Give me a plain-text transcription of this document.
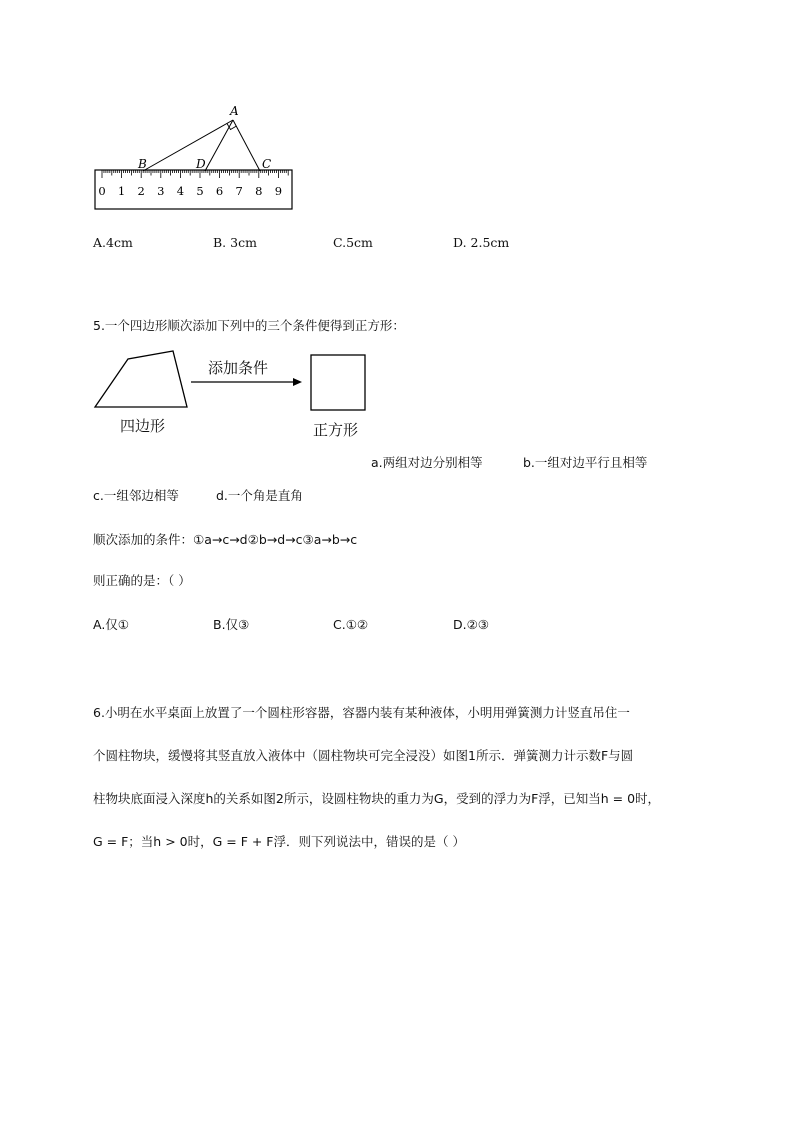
0 1 2 3 4 5 6 7 8 9
A
B	D	C
A.4cm	B. 3cm	C.5cm	D. 2.5cm
5.一个四边形顺次添加下列中的三个条件便得到正方形：
添加条件
四边形	正方形
a.两组对边分别相等	b.一组对边平行且相等
c.一组邻边相等	d.一个角是直角
顺次添加的条件：①a→c→d②b→d→c③a→b→c
则正确的是：（ ）
A.仅①	B.仅③	C.①②	D.②③
6.小明在水平桌面上放置了一个圆柱形容器，容器内装有某种液体，小明用弹簧测力计竖直吊住一
个圆柱物块，缓慢将其竖直放入液体中（圆柱物块可完全浸没）如图1所示．弹簧测力计示数F与圆
柱物块底面浸入深度h的关系如图2所示，设圆柱物块的重力为G，受到的浮力为F浮，已知当h = 0时，
G = F；当h > 0时，G = F + F浮．则下列说法中，错误的是（ ）
